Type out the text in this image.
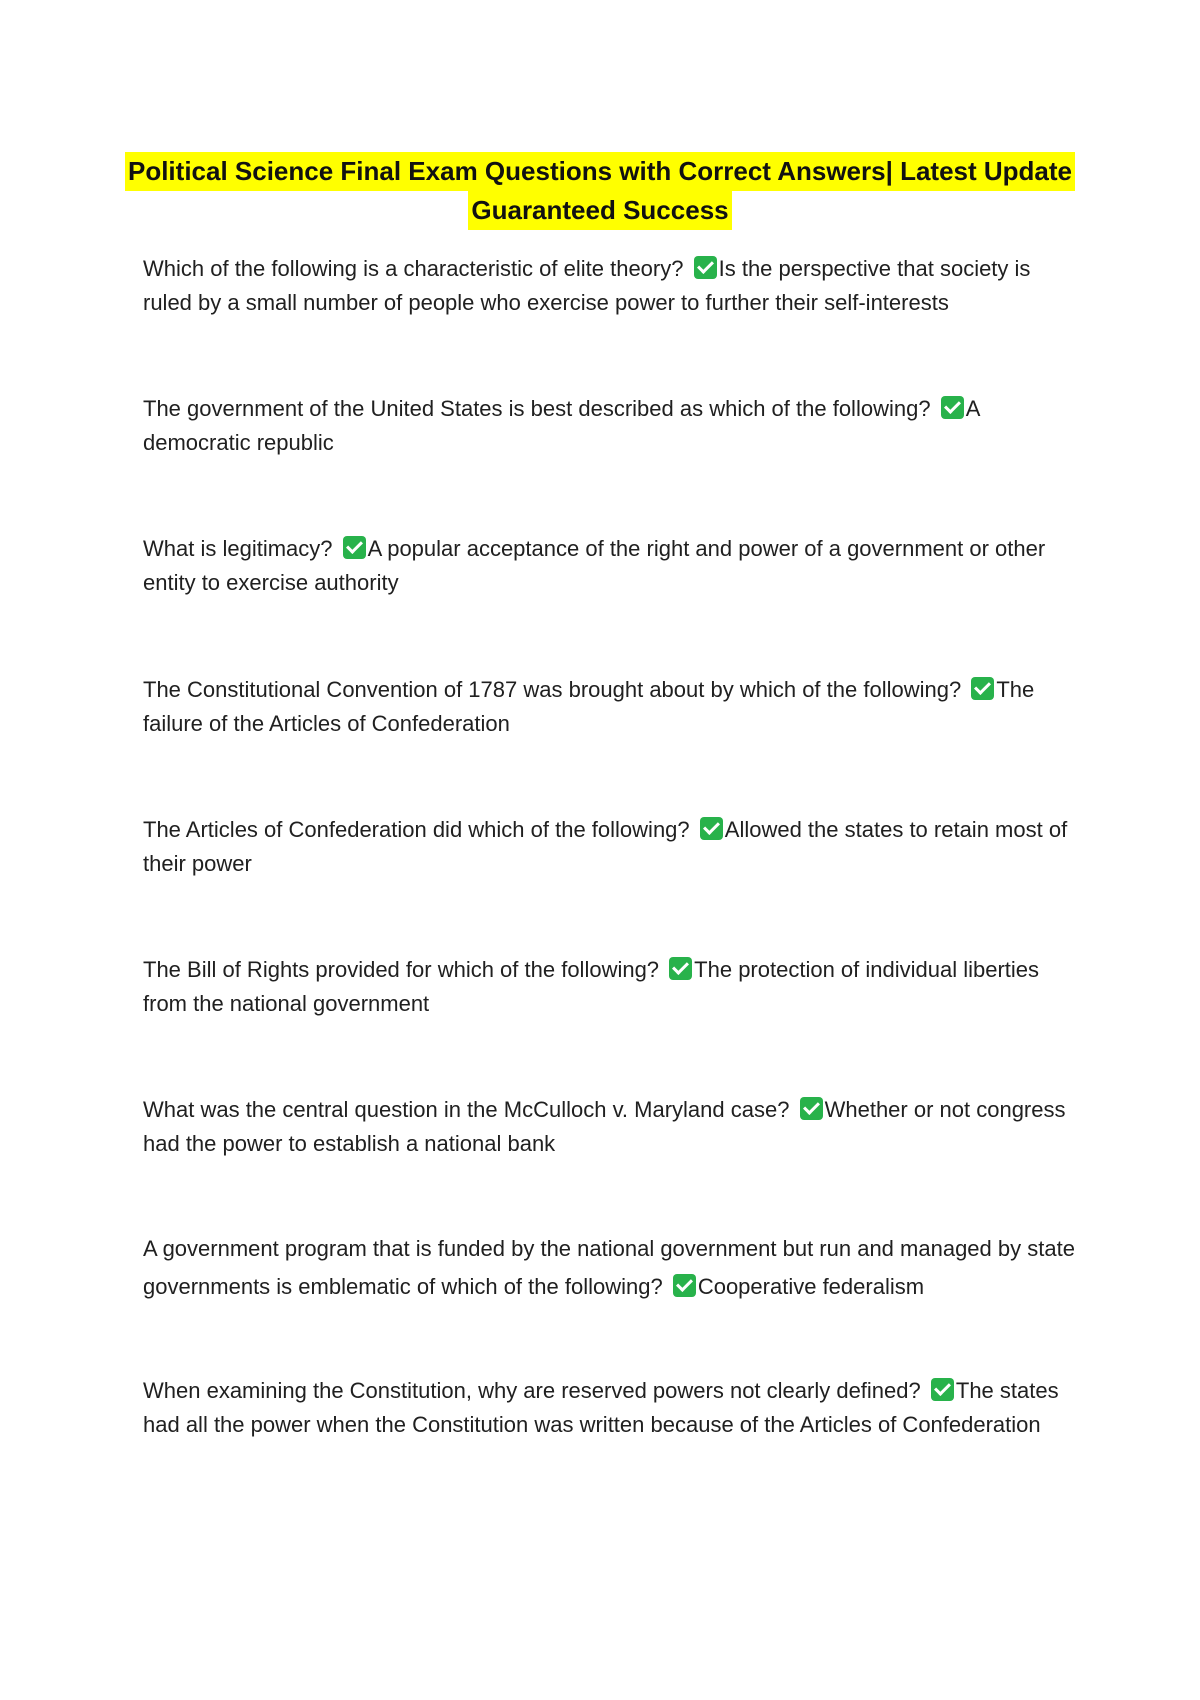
Political Science Final Exam Questions with Correct Answers| Latest Update
Guaranteed Success
Which of the following is a characteristic of elite theory? Is the perspective that society is ruled by a small number of people who exercise power to further their self-interests
The government of the United States is best described as which of the following? A democratic republic
What is legitimacy? A popular acceptance of the right and power of a government or other entity to exercise authority
The Constitutional Convention of 1787 was brought about by which of the following? The failure of the Articles of Confederation
The Articles of Confederation did which of the following? Allowed the states to retain most of their power
The Bill of Rights provided for which of the following? The protection of individual liberties from the national government
What was the central question in the McCulloch v. Maryland case? Whether or not congress had the power to establish a national bank
A government program that is funded by the national government but run and managed by state governments is emblematic of which of the following? Cooperative federalism
When examining the Constitution, why are reserved powers not clearly defined? The states had all the power when the Constitution was written because of the Articles of Confederation
